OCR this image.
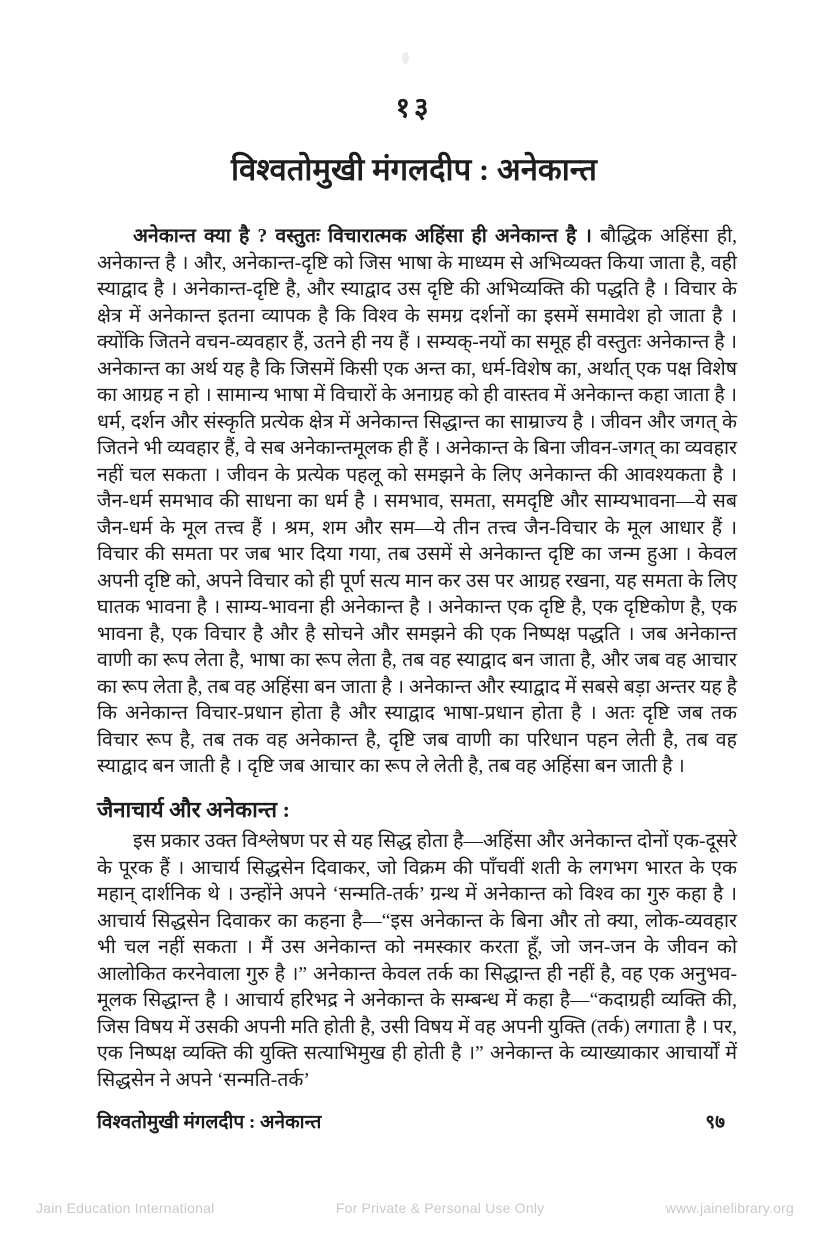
१३
विश्वतोमुखी मंगलदीप : अनेकान्त

अनेकान्त क्या है ? वस्तुतः विचारात्मक अहिंसा ही अनेकान्त है । बौद्धिक अहिंसा ही, अनेकान्त है । और, अनेकान्त-दृष्टि को जिस भाषा के माध्यम से अभिव्यक्त किया जाता है, वही स्याद्वाद है । अनेकान्त-दृष्टि है, और स्याद्वाद उस दृष्टि की अभिव्यक्ति की पद्धति है । विचार के क्षेत्र में अनेकान्त इतना व्यापक है कि विश्व के समग्र दर्शनों का इसमें समावेश हो जाता है । क्योंकि जितने वचन-व्यवहार हैं, उतने ही नय हैं । सम्यक्-नयों का समूह ही वस्तुतः अनेकान्त है । अनेकान्त का अर्थ यह है कि जिसमें किसी एक अन्त का, धर्म-विशेष का, अर्थात् एक पक्ष विशेष का आग्रह न हो । सामान्य भाषा में विचारों के अनाग्रह को ही वास्तव में अनेकान्त कहा जाता है । धर्म, दर्शन और संस्कृति प्रत्येक क्षेत्र में अनेकान्त सिद्धान्त का साम्राज्य है । जीवन और जगत् के जितने भी व्यवहार हैं, वे सब अनेकान्तमूलक ही हैं । अनेकान्त के बिना जीवन-जगत् का व्यवहार नहीं चल सकता । जीवन के प्रत्येक पहलू को समझने के लिए अनेकान्त की आवश्यकता है । जैन-धर्म समभाव की साधना का धर्म है । समभाव, समता, समदृष्टि और साम्यभावना—ये सब जैन-धर्म के मूल तत्त्व हैं । श्रम, शम और सम—ये तीन तत्त्व जैन-विचार के मूल आधार हैं । विचार की समता पर जब भार दिया गया, तब उसमें से अनेकान्त दृष्टि का जन्म हुआ । केवल अपनी दृष्टि को, अपने विचार को ही पूर्ण सत्य मान कर उस पर आग्रह रखना, यह समता के लिए घातक भावना है । साम्य-भावना ही अनेकान्त है । अनेकान्त एक दृष्टि है, एक दृष्टिकोण है, एक भावना है, एक विचार है और है सोचने और समझने की एक निष्पक्ष पद्धति । जब अनेकान्त वाणी का रूप लेता है, भाषा का रूप लेता है, तब वह स्याद्वाद बन जाता है, और जब वह आचार का रूप लेता है, तब वह अहिंसा बन जाता है । अनेकान्त और स्याद्वाद में सबसे बड़ा अन्तर यह है कि अनेकान्त विचार-प्रधान होता है और स्याद्वाद भाषा-प्रधान होता है । अतः दृष्टि जब तक विचार रूप है, तब तक वह अनेकान्त है, दृष्टि जब वाणी का परिधान पहन लेती है, तब वह स्याद्वाद बन जाती है । दृष्टि जब आचार का रूप ले लेती है, तब वह अहिंसा बन जाती है ।

जैनाचार्य और अनेकान्त :

इस प्रकार उक्त विश्लेषण पर से यह सिद्ध होता है—अहिंसा और अनेकान्त दोनों एक-दूसरे के पूरक हैं । आचार्य सिद्धसेन दिवाकर, जो विक्रम की पाँचवीं शती के लगभग भारत के एक महान् दार्शनिक थे । उन्होंने अपने ‘सन्मति-तर्क’ ग्रन्थ में अनेकान्त को विश्व का गुरु कहा है । आचार्य सिद्धसेन दिवाकर का कहना है—“इस अनेकान्त के बिना और तो क्या, लोक-व्यवहार भी चल नहीं सकता । मैं उस अनेकान्त को नमस्कार करता हूँ, जो जन-जन के जीवन को आलोकित करनेवाला गुरु है ।” अनेकान्त केवल तर्क का सिद्धान्त ही नहीं है, वह एक अनुभव-मूलक सिद्धान्त है । आचार्य हरिभद्र ने अनेकान्त के सम्बन्ध में कहा है—“कदाग्रही व्यक्ति की, जिस विषय में उसकी अपनी मति होती है, उसी विषय में वह अपनी युक्ति (तर्क) लगाता है । पर, एक निष्पक्ष व्यक्ति की युक्ति सत्याभिमुख ही होती है ।” अनेकान्त के व्याख्याकार आचार्यों में सिद्धसेन ने अपने ‘सन्मति-तर्क’

विश्वतोमुखी मंगलदीप : अनेकान्त	९७
Jain Education International	For Private & Personal Use Only	www.jainelibrary.org
